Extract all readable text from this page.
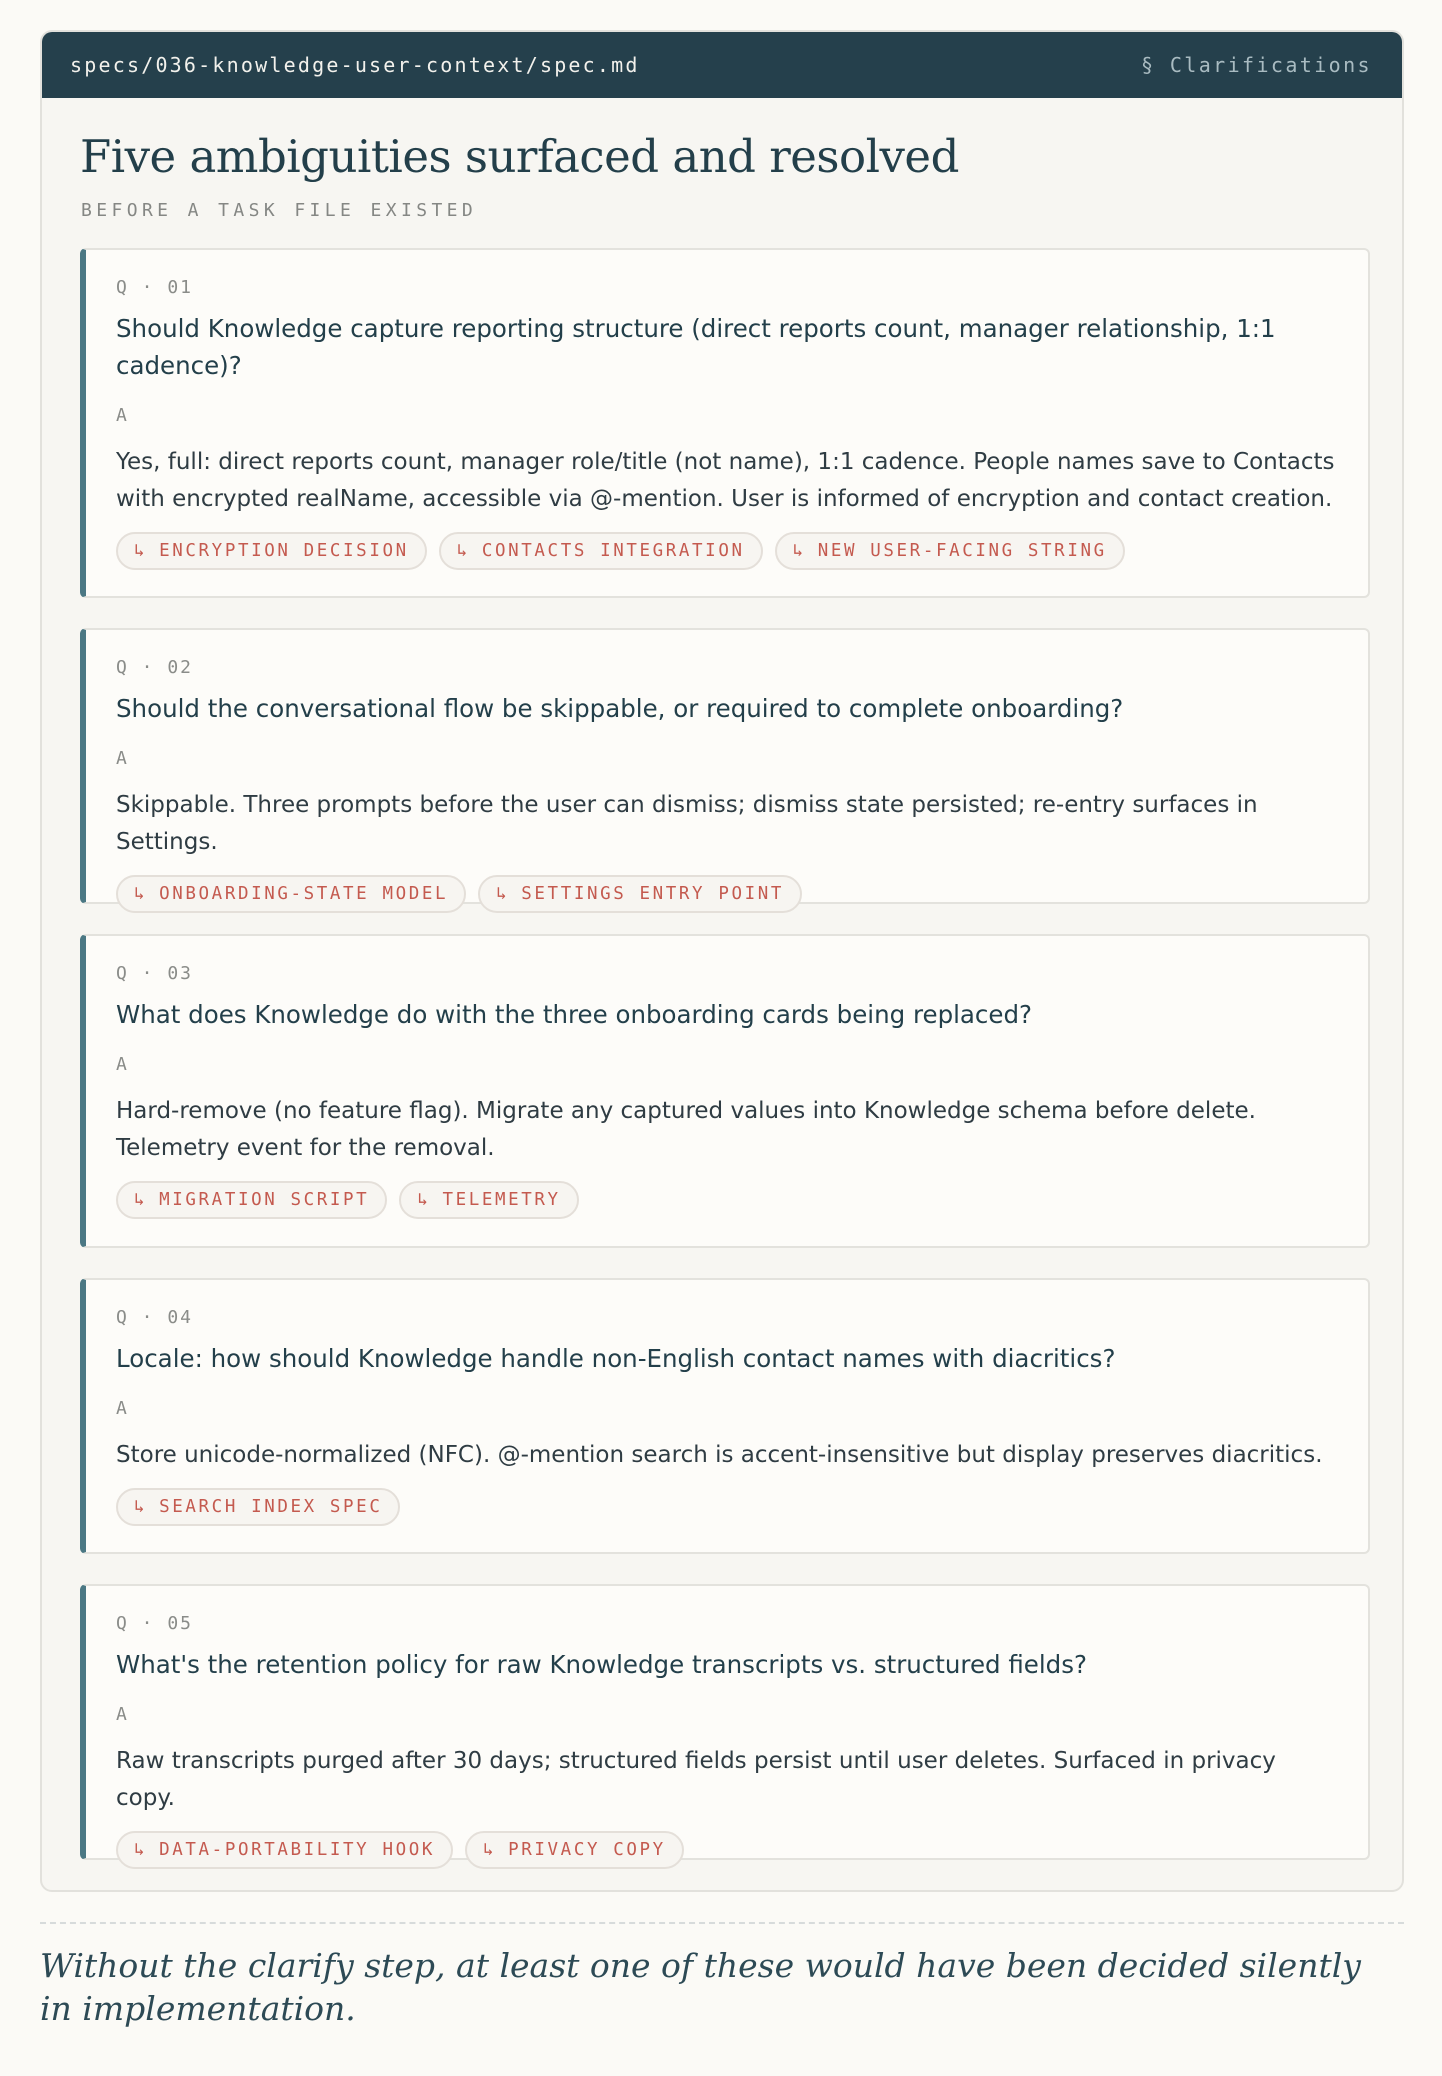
specs/036-knowledge-user-context/spec.md	§ Clarifications
Five ambiguities surfaced and resolved
BEFORE A TASK FILE EXISTED
Q · 01
Should Knowledge capture reporting structure (direct reports count, manager relationship, 1:1 cadence)?
A
Yes, full: direct reports count, manager role/title (not name), 1:1 cadence. People names save to Contacts with encrypted realName, accessible via @-mention. User is informed of encryption and contact creation.
↳ ENCRYPTION DECISION	↳ CONTACTS INTEGRATION	↳ NEW USER-FACING STRING
Q · 02
Should the conversational flow be skippable, or required to complete onboarding?
A
Skippable. Three prompts before the user can dismiss; dismiss state persisted; re-entry surfaces in Settings.
↳ ONBOARDING-STATE MODEL	↳ SETTINGS ENTRY POINT
Q · 03
What does Knowledge do with the three onboarding cards being replaced?
A
Hard-remove (no feature flag). Migrate any captured values into Knowledge schema before delete. Telemetry event for the removal.
↳ MIGRATION SCRIPT	↳ TELEMETRY
Q · 04
Locale: how should Knowledge handle non-English contact names with diacritics?
A
Store unicode-normalized (NFC). @-mention search is accent-insensitive but display preserves diacritics.
↳ SEARCH INDEX SPEC
Q · 05
What's the retention policy for raw Knowledge transcripts vs. structured fields?
A
Raw transcripts purged after 30 days; structured fields persist until user deletes. Surfaced in privacy copy.
↳ DATA-PORTABILITY HOOK	↳ PRIVACY COPY

Without the clarify step, at least one of these would have been decided silently in implementation.
